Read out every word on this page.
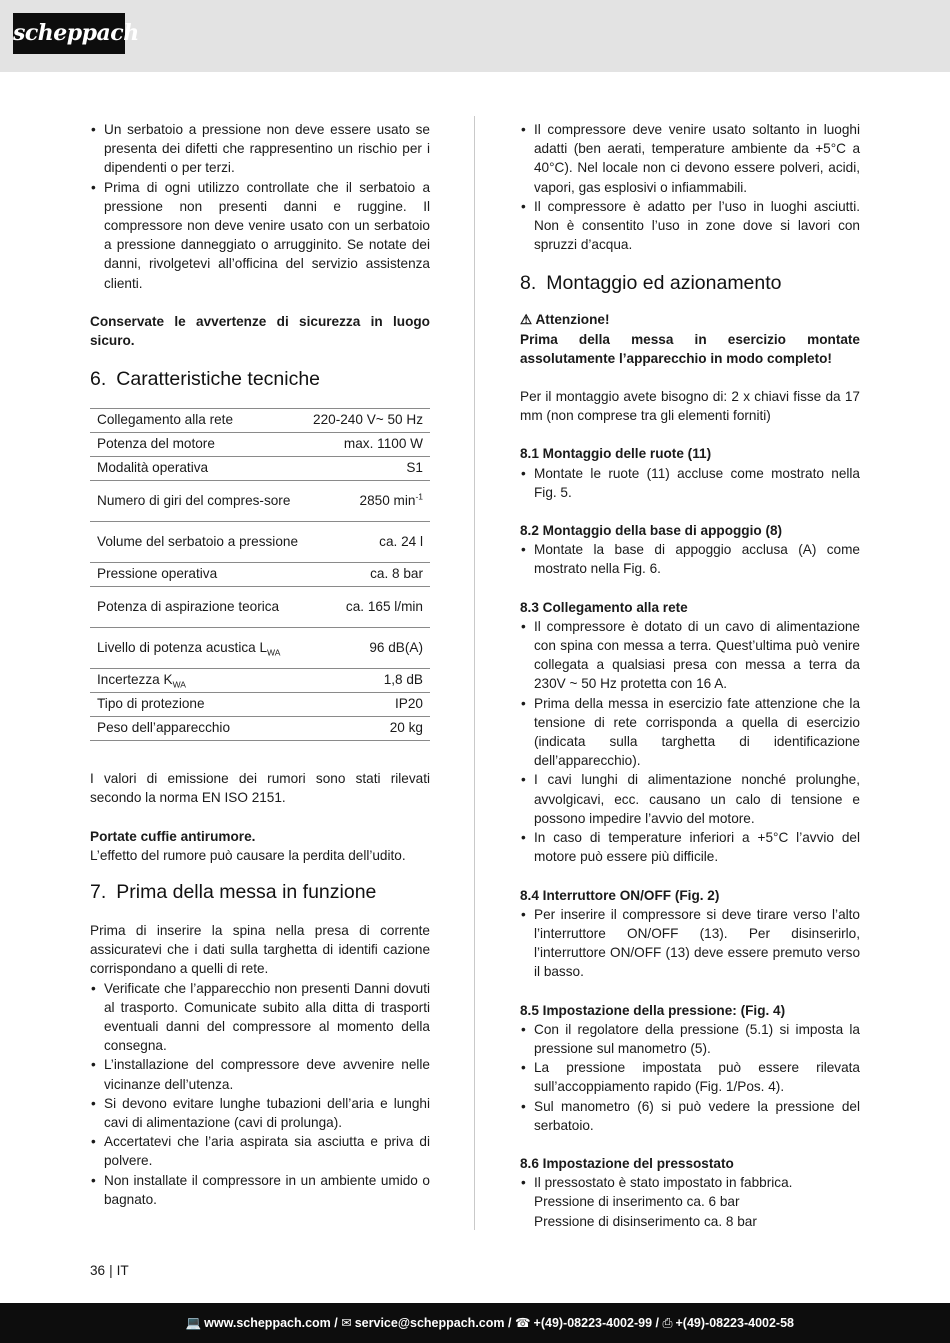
scheppach
• Un serbatoio a pressione non deve essere usato se presenta dei difetti che rappresentino un rischio per i dipendenti o per terzi.
• Prima di ogni utilizzo controllate che il serbatoio a pressione non presenti danni e ruggine. Il compressore non deve venire usato con un serbatoio a pressione danneggiato o arrugginito. Se notate dei danni, rivolgetevi all’officina del servizio assistenza clienti.

Conservate le avvertenze di sicurezza in luogo sicuro.

6. Caratteristiche tecniche
Collegamento alla rete	220-240 V~ 50 Hz
Potenza del motore	max. 1100 W
Modalità operativa	S1
Numero di giri del compres-sore	2850 $\min^{-1}$
Volume del serbatoio a pressione	ca. 24 l
Pressione operativa	ca. 8 bar
Potenza di aspirazione teorica	ca. 165 l/min
Livello di potenza acustica $L_{WA}$	96 dB(A)
Incertezza $K_{WA}$	1,8 dB
Tipo di protezione	IP20
Peso dell’apparecchio	20 kg

I valori di emissione dei rumori sono stati rilevati secondo la norma EN ISO 2151.

Portate cuffie antirumore.

L’effetto del rumore può causare la perdita dell’udito.

7. Prima della messa in funzione

Prima di inserire la spina nella presa di corrente assicuratevi che i dati sulla targhetta di identifi cazione corrispondano a quelli di rete.

• Verificate che l’apparecchio non presenti Danni dovuti al trasporto. Comunicate subito alla ditta di trasporti eventuali danni del compressore al momento della consegna.
• L’installazione del compressore deve avvenire nelle vicinanze dell’utenza.
• Si devono evitare lunghe tubazioni dell’aria e lunghi cavi di alimentazione (cavi di prolunga).
• Accertatevi che l’aria aspirata sia asciutta e priva di polvere.
• Non installate il compressore in un ambiente umido o bagnato.
• Il compressore deve venire usato soltanto in luoghi adatti (ben aerati, temperature ambiente da +5°C a 40°C). Nel locale non ci devono essere polveri, acidi, vapori, gas esplosivi o infiammabili.
• Il compressore è adatto per l’uso in luoghi asciutti. Non è consentito l’uso in zone dove si lavori con spruzzi d’acqua.
8. Montaggio ed azionamento

⚠ Attenzione!

Prima della messa in esercizio montate assolutamente l’apparecchio in modo completo!

Per il montaggio avete bisogno di: 2 x chiavi fisse da 17 mm (non comprese tra gli elementi forniti)

8.1 Montaggio delle ruote (11)
• Montate le ruote (11) accluse come mostrato nella Fig. 5.
8.2 Montaggio della base di appoggio (8)
• Montate la base di appoggio acclusa (A) come mostrato nella Fig. 6.
8.3 Collegamento alla rete
• Il compressore è dotato di un cavo di alimentazione con spina con messa a terra. Quest’ultima può venire collegata a qualsiasi presa con messa a terra da 230V ~ 50 Hz protetta con 16 A.
• Prima della messa in esercizio fate attenzione che la tensione di rete corrisponda a quella di esercizio (indicata sulla targhetta di identificazione dell’apparecchio).
• I cavi lunghi di alimentazione nonché prolunghe, avvolgicavi, ecc. causano un calo di tensione e possono impedire l’avvio del motore.
• In caso di temperature inferiori a +5°C l’avvio del motore può essere più difficile.
8.4 Interruttore ON/OFF (Fig. 2)
• Per inserire il compressore si deve tirare verso l’alto l’interruttore ON/OFF (13). Per disinserirlo, l’interruttore ON/OFF (13) deve essere premuto verso il basso.
8.5 Impostazione della pressione: (Fig. 4)
• Con il regolatore della pressione (5.1) si imposta la pressione sul manometro (5).
• La pressione impostata può essere rilevata sull’accoppiamento rapido (Fig. 1/Pos. 4).
• Sul manometro (6) si può vedere la pressione del serbatoio.
8.6 Impostazione del pressostato
• Il pressostato è stato impostato in fabbrica.
Pressione di inserimento ca. 6 bar
Pressione di disinserimento ca. 8 bar
36 | IT
💻 www.scheppach.com / ✉ service@scheppach.com / ☎ +(49)-08223-4002-99 / ⎙ +(49)-08223-4002-58
